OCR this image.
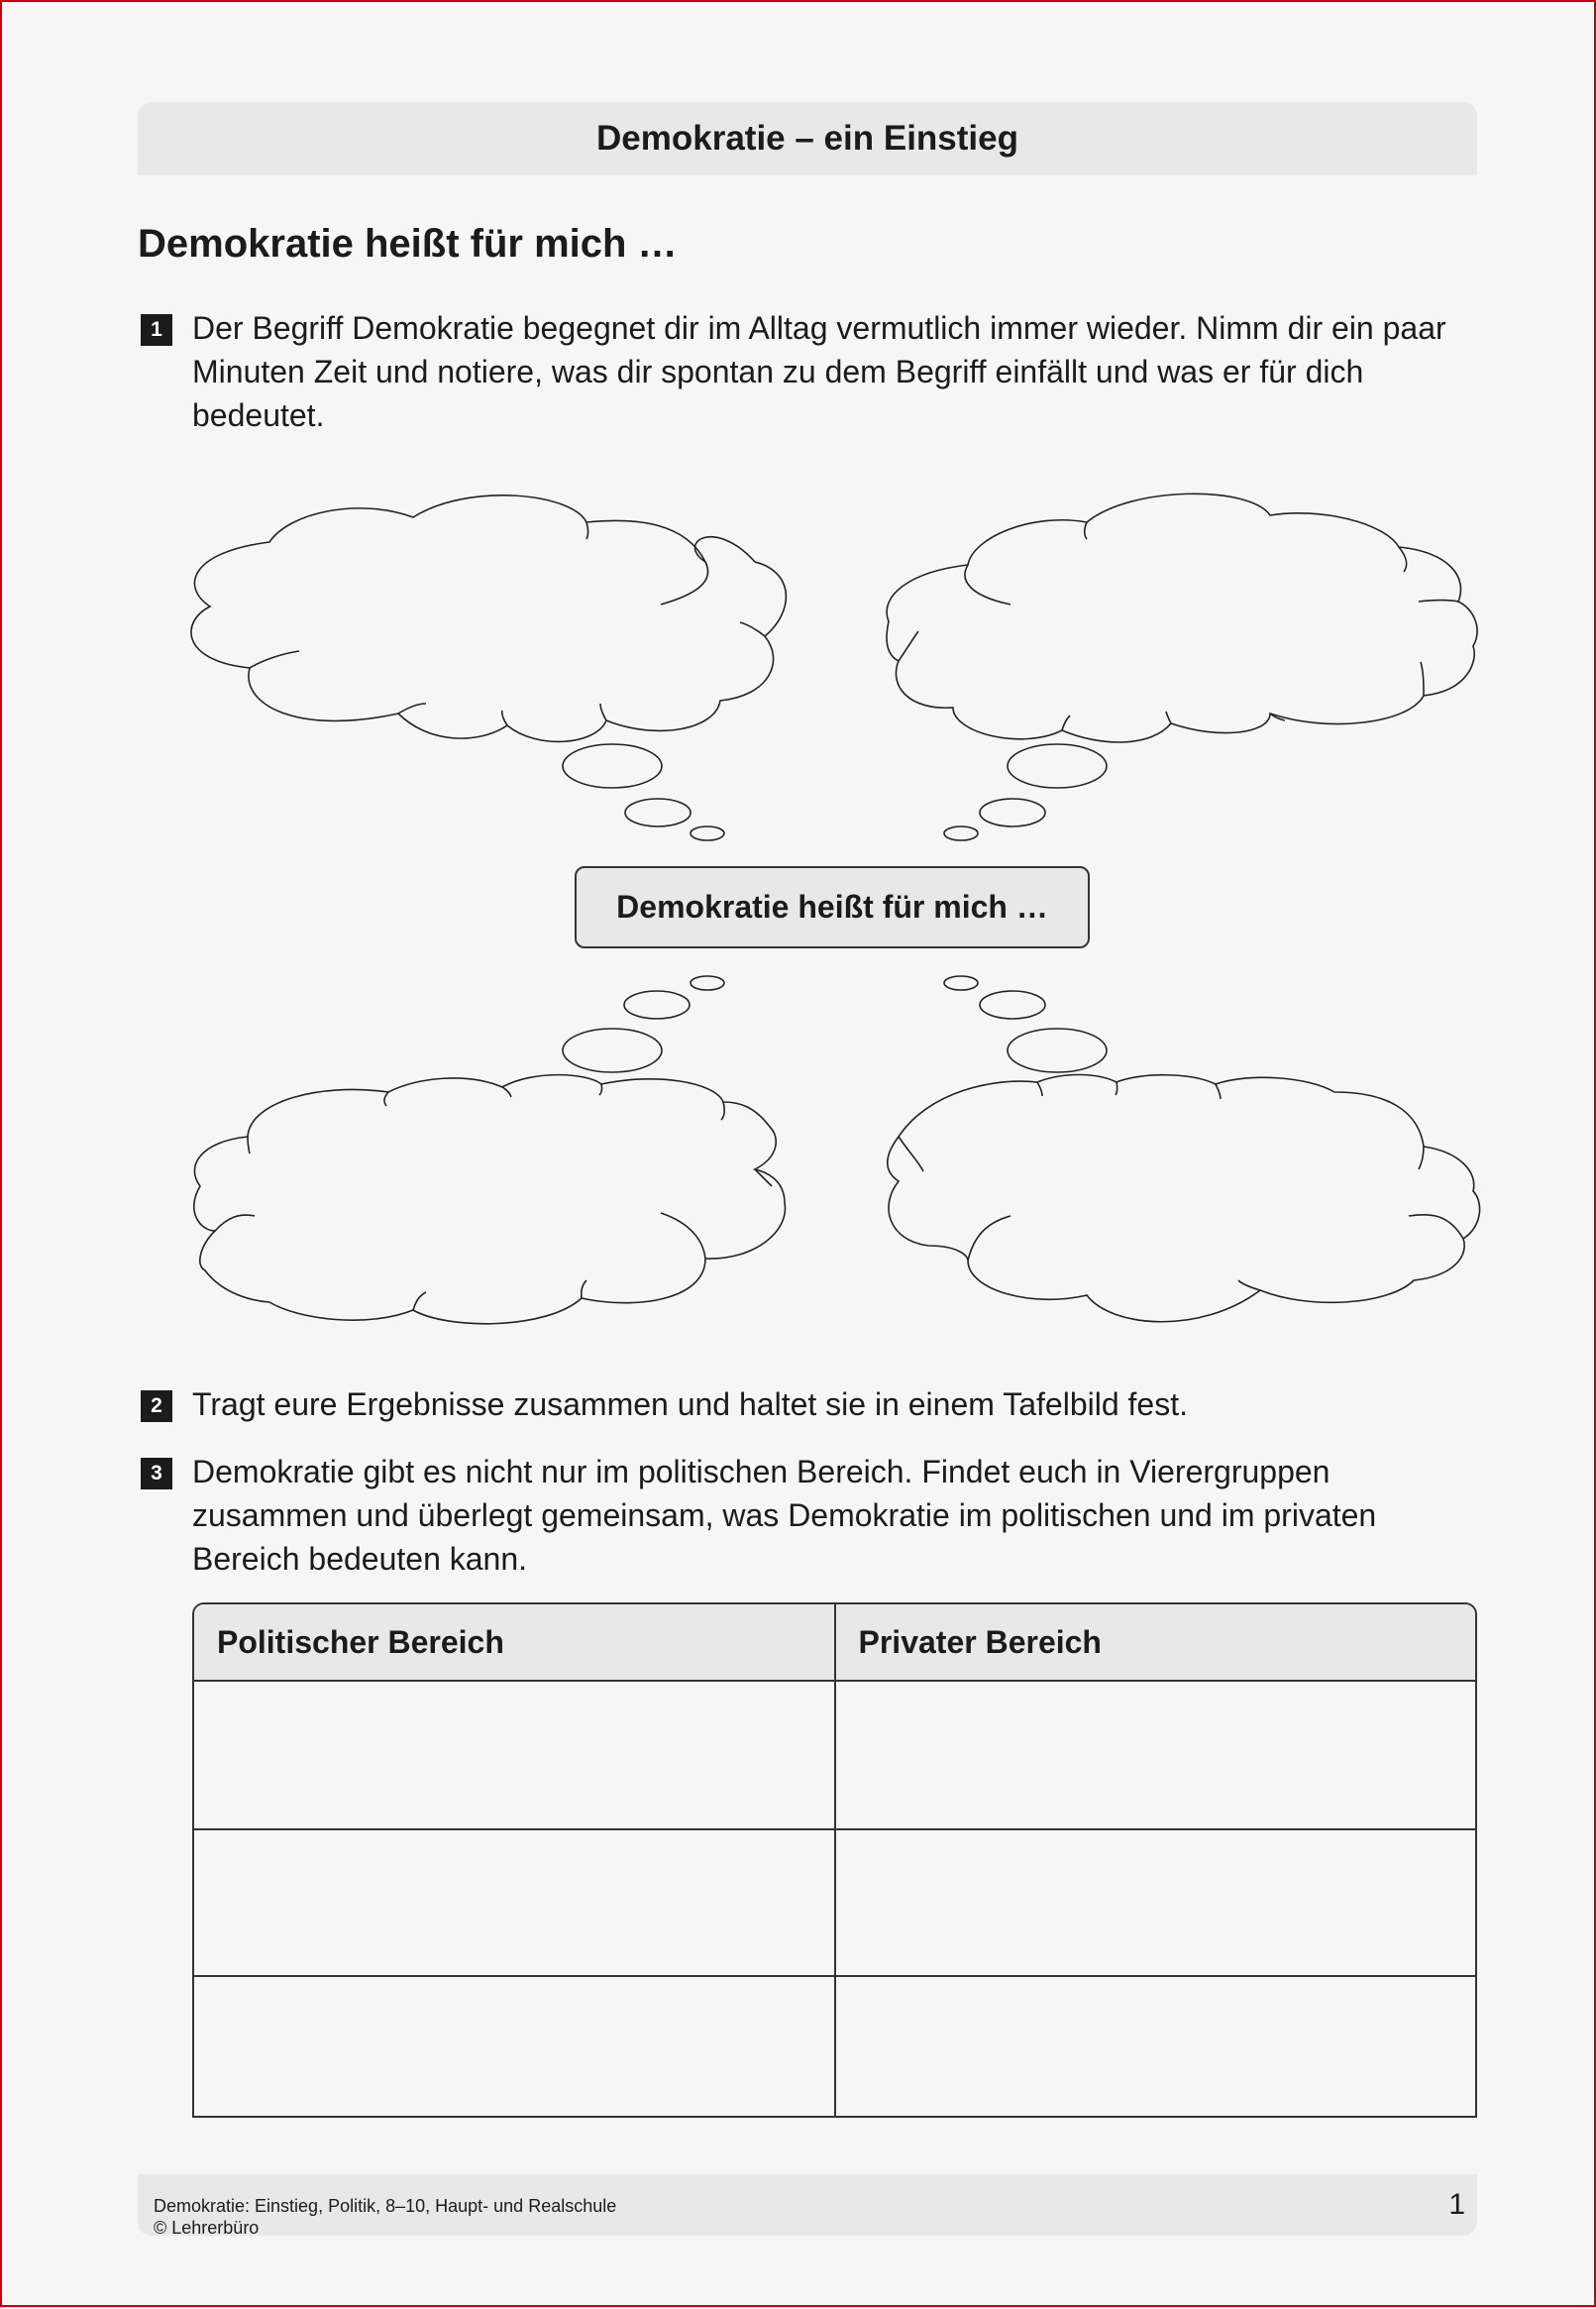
Demokratie – ein Einstieg
Demokratie heißt für mich …
1 Der Begriff Demokratie begegnet dir im Alltag vermutlich immer wieder. Nimm dir ein paar Minuten Zeit und notiere, was dir spontan zu dem Begriff einfällt und was er für dich bedeutet.
Demokratie heißt für mich …
2 Tragt eure Ergebnisse zusammen und haltet sie in einem Tafelbild fest.
3 Demokratie gibt es nicht nur im politischen Bereich. Findet euch in Vierergruppen zusammen und überlegt gemeinsam, was Demokratie im politischen und im privaten Bereich bedeuten kann.
Politischer Bereich	Privater Bereich
Demokratie: Einstieg, Politik, 8–10, Haupt- und Realschule
© Lehrerbüro
1
